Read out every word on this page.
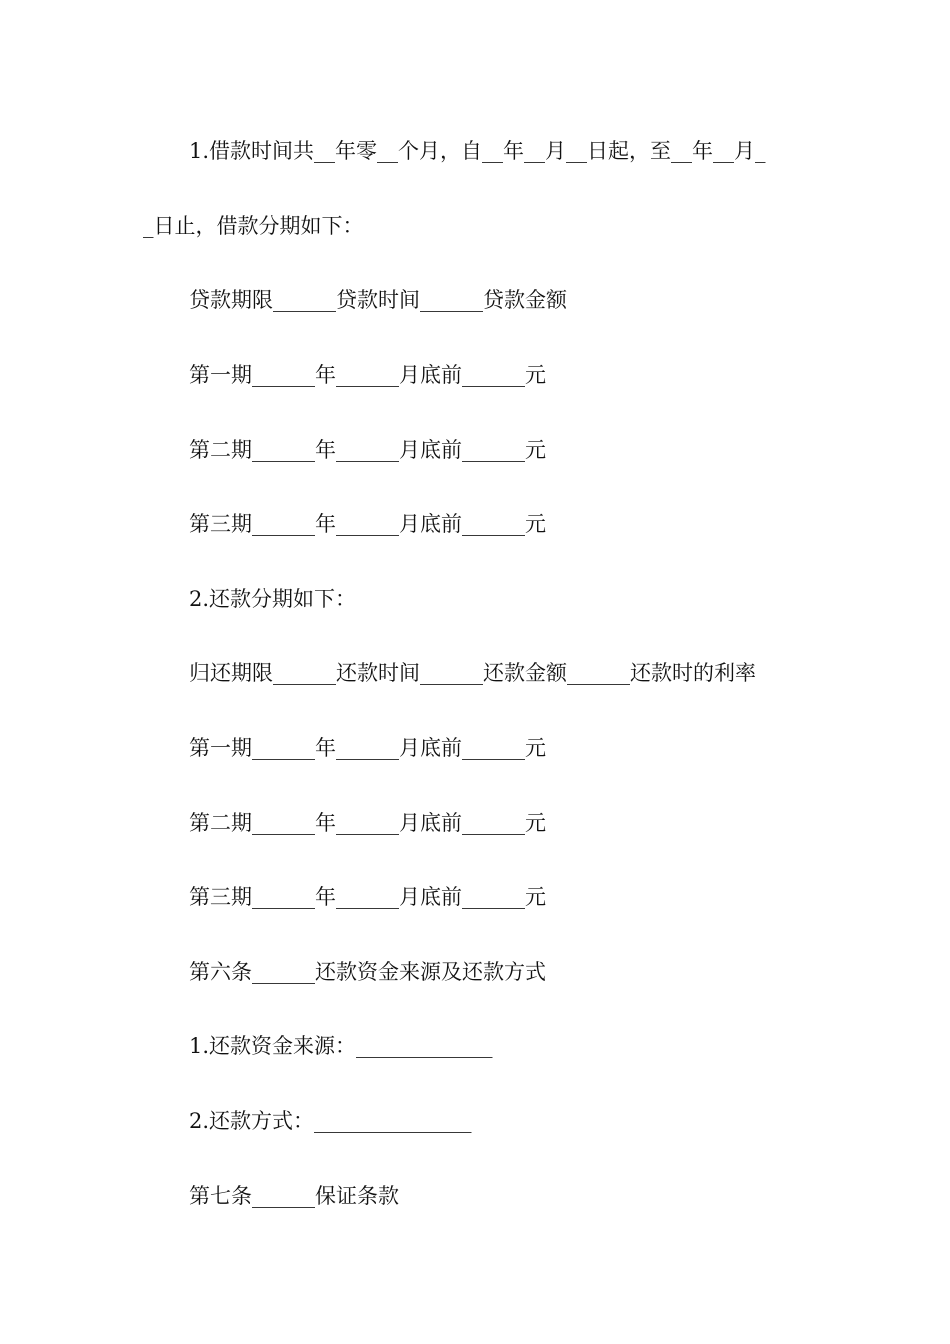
1.借款时间共__年零__个月，自__年__月__日起，至__年__月_
_日止，借款分期如下：
贷款期限______贷款时间______贷款金额
第一期______年______月底前______元
第二期______年______月底前______元
第三期______年______月底前______元
2.还款分期如下：
归还期限______还款时间______还款金额______还款时的利率
第一期______年______月底前______元
第二期______年______月底前______元
第三期______年______月底前______元
第六条______还款资金来源及还款方式
1.还款资金来源：_____________
2.还款方式：_______________
第七条______保证条款
